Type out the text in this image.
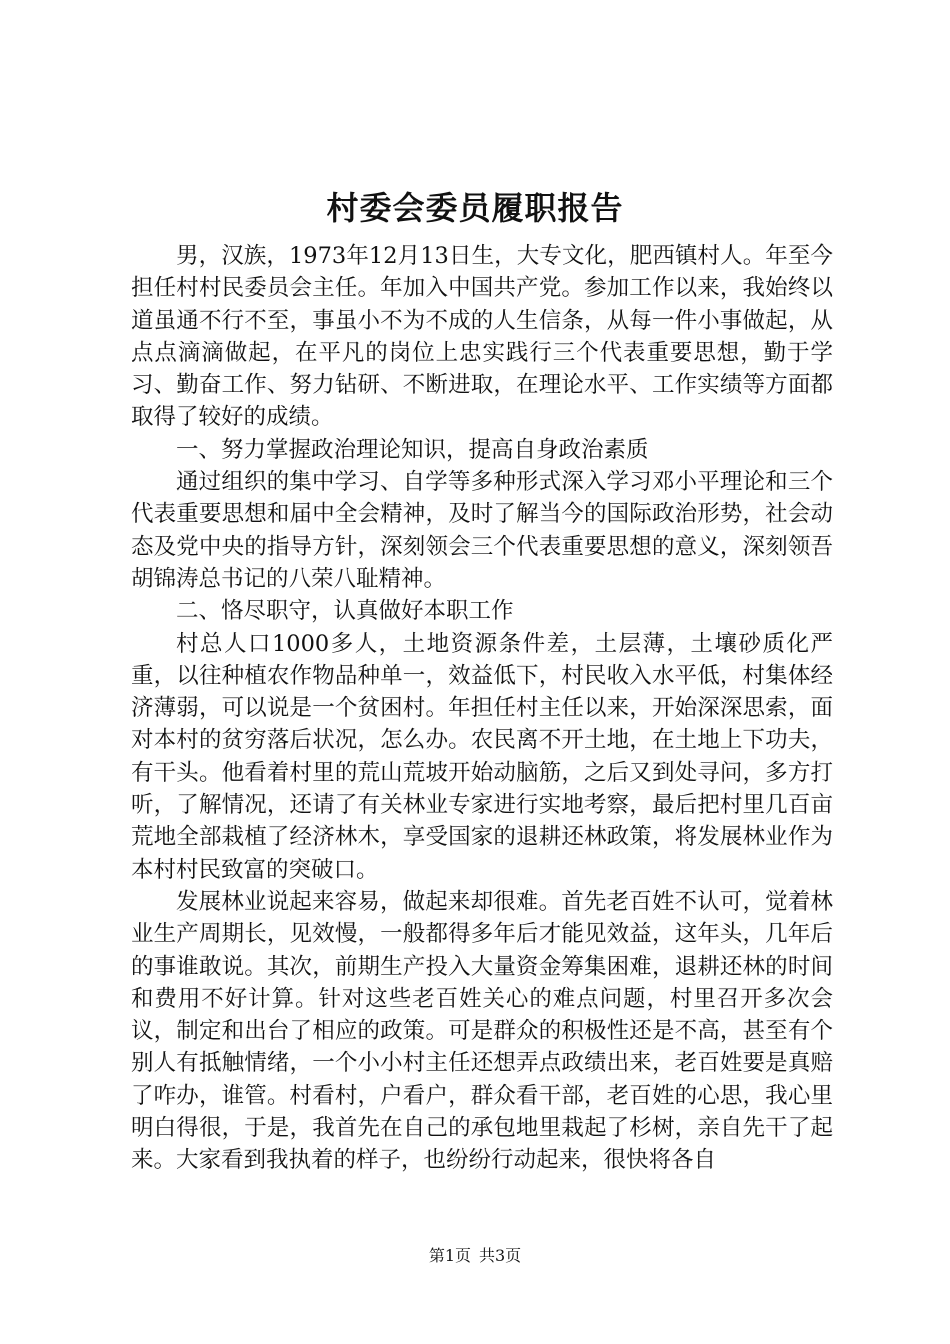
村委会委员履职报告

男，汉族，1973年12月13日生，大专文化，肥西镇村人。年至今担任村村民委员会主任。年加入中国共产党。参加工作以来，我始终以道虽通不行不至，事虽小不为不成的人生信条，从每一件小事做起，从点点滴滴做起，在平凡的岗位上忠实践行三个代表重要思想，勤于学习、勤奋工作、努力钻研、不断进取，在理论水平、工作实绩等方面都取得了较好的成绩。

一、努力掌握政治理论知识，提高自身政治素质

通过组织的集中学习、自学等多种形式深入学习邓小平理论和三个代表重要思想和届中全会精神，及时了解当今的国际政治形势，社会动态及党中央的指导方针，深刻领会三个代表重要思想的意义，深刻领吾胡锦涛总书记的八荣八耻精神。

二、恪尽职守，认真做好本职工作

村总人口1000多人，土地资源条件差，土层薄，土壤砂质化严重，以往种植农作物品种单一，效益低下，村民收入水平低，村集体经济薄弱，可以说是一个贫困村。年担任村主任以来，开始深深思索，面对本村的贫穷落后状况，怎么办。农民离不开土地，在土地上下功夫，有干头。他看着村里的荒山荒坡开始动脑筋，之后又到处寻问，多方打听，了解情况，还请了有关林业专家进行实地考察，最后把村里几百亩荒地全部栽植了经济林木，享受国家的退耕还林政策，将发展林业作为本村村民致富的突破口。

发展林业说起来容易，做起来却很难。首先老百姓不认可，觉着林业生产周期长，见效慢，一般都得多年后才能见效益，这年头，几年后的事谁敢说。其次，前期生产投入大量资金筹集困难，退耕还林的时间和费用不好计算。针对这些老百姓关心的难点问题，村里召开多次会议，制定和出台了相应的政策。可是群众的积极性还是不高，甚至有个别人有抵触情绪，一个小小村主任还想弄点政绩出来，老百姓要是真赔了咋办，谁管。村看村，户看户，群众看干部，老百姓的心思，我心里明白得很，于是，我首先在自己的承包地里栽起了杉树，亲自先干了起来。大家看到我执着的样子，也纷纷行动起来，很快将各自

第1页 共3页
